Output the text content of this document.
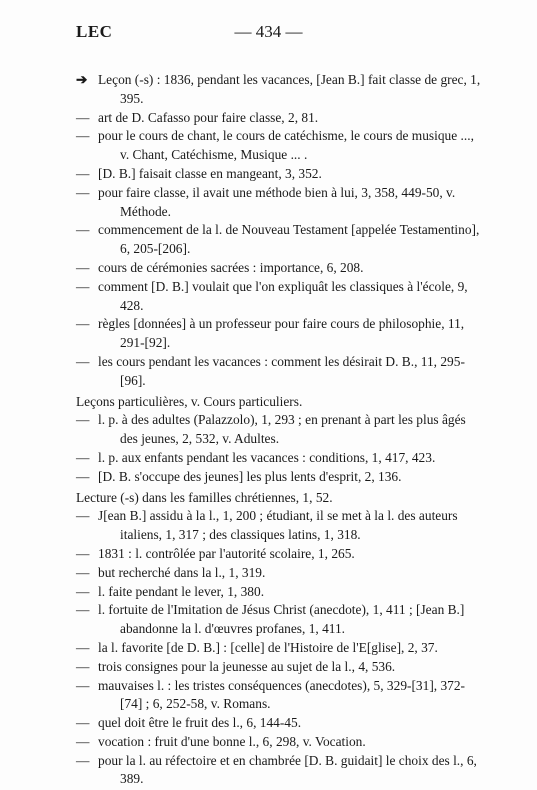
LEC	— 434 —
➔ Leçon (-s) : 1836, pendant les vacances, [Jean B.] fait classe de grec, 1, 395.
— art de D. Cafasso pour faire classe, 2, 81.
— pour le cours de chant, le cours de catéchisme, le cours de musique ..., v. Chant, Catéchisme, Musique ... .
— [D. B.] faisait classe en mangeant, 3, 352.
— pour faire classe, il avait une méthode bien à lui, 3, 358, 449-50, v. Méthode.
— commencement de la l. de Nouveau Testament [appelée Testamentino], 6, 205-[206].
— cours de cérémonies sacrées : importance, 6, 208.
— comment [D. B.] voulait que l'on expliquât les classiques à l'école, 9, 428.
— règles [données] à un professeur pour faire cours de philosophie, 11, 291-[92].
— les cours pendant les vacances : comment les désirait D. B., 11, 295-[96].
Leçons particulières, v. Cours particuliers.
— l. p. à des adultes (Palazzolo), 1, 293 ; en prenant à part les plus âgés des jeunes, 2, 532, v. Adultes.
— l. p. aux enfants pendant les vacances : conditions, 1, 417, 423.
— [D. B. s'occupe des jeunes] les plus lents d'esprit, 2, 136.
Lecture (-s) dans les familles chrétiennes, 1, 52.
— J[ean B.] assidu à la l., 1, 200 ; étudiant, il se met à la l. des auteurs italiens, 1, 317 ; des classiques latins, 1, 318.
— 1831 : l. contrôlée par l'autorité scolaire, 1, 265.
— but recherché dans la l., 1, 319.
— l. faite pendant le lever, 1, 380.
— l. fortuite de l'Imitation de Jésus Christ (anecdote), 1, 411 ; [Jean B.] abandonne la l. d'œuvres profanes, 1, 411.
— la l. favorite [de D. B.] : [celle] de l'Histoire de l'E[glise], 2, 37.
— trois consignes pour la jeunesse au sujet de la l., 4, 536.
— mauvaises l. : les tristes conséquences (anecdotes), 5, 329-[31], 372-[74] ; 6, 252-58, v. Romans.
— quel doit être le fruit des l., 6, 144-45.
— vocation : fruit d'une bonne l., 6, 298, v. Vocation.
— pour la l. au réfectoire et en chambrée [D. B. guidait] le choix des l., 6, 389.
